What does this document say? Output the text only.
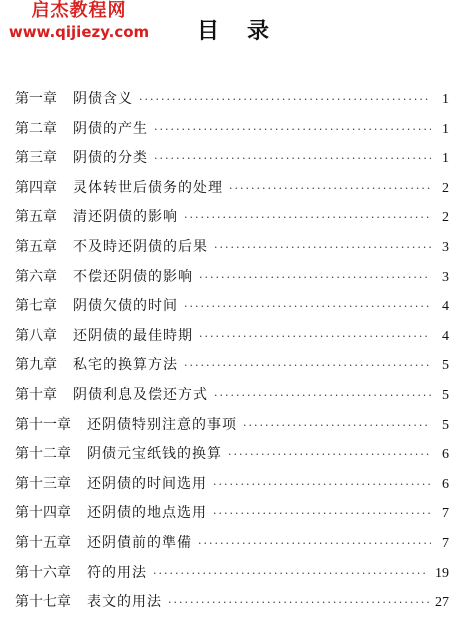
启杰教程网
www.qijiezy.com	目录
第一章 阴债含义 ·····	1
第二章 阴债的产生 ·····	1
第三章 阴债的分类 ·····	1
第四章 灵体转世后债务的处理 ·····	2
第五章 清还阴债的影响 ·····	2
第五章 不及時还阴债的后果 ·····	3
第六章 不偿还阴债的影响 ·····	3
第七章 阴债欠债的时间 ·····	4
第八章 还阴债的最佳時期 ·····	4
第九章 私宅的换算方法 ·····	5
第十章 阴债利息及偿还方式 ·····	5
第十一章 还阴债特别注意的事项 ·····	5
第十二章 阴债元宝纸钱的换算 ·····	6
第十三章 还阴债的时间选用 ·····	6
第十四章 还阴债的地点选用 ·····	7
第十五章 还阴債前的準備 ·····	7
第十六章 符的用法 ·····	19
第十七章 表文的用法 ·····	27
